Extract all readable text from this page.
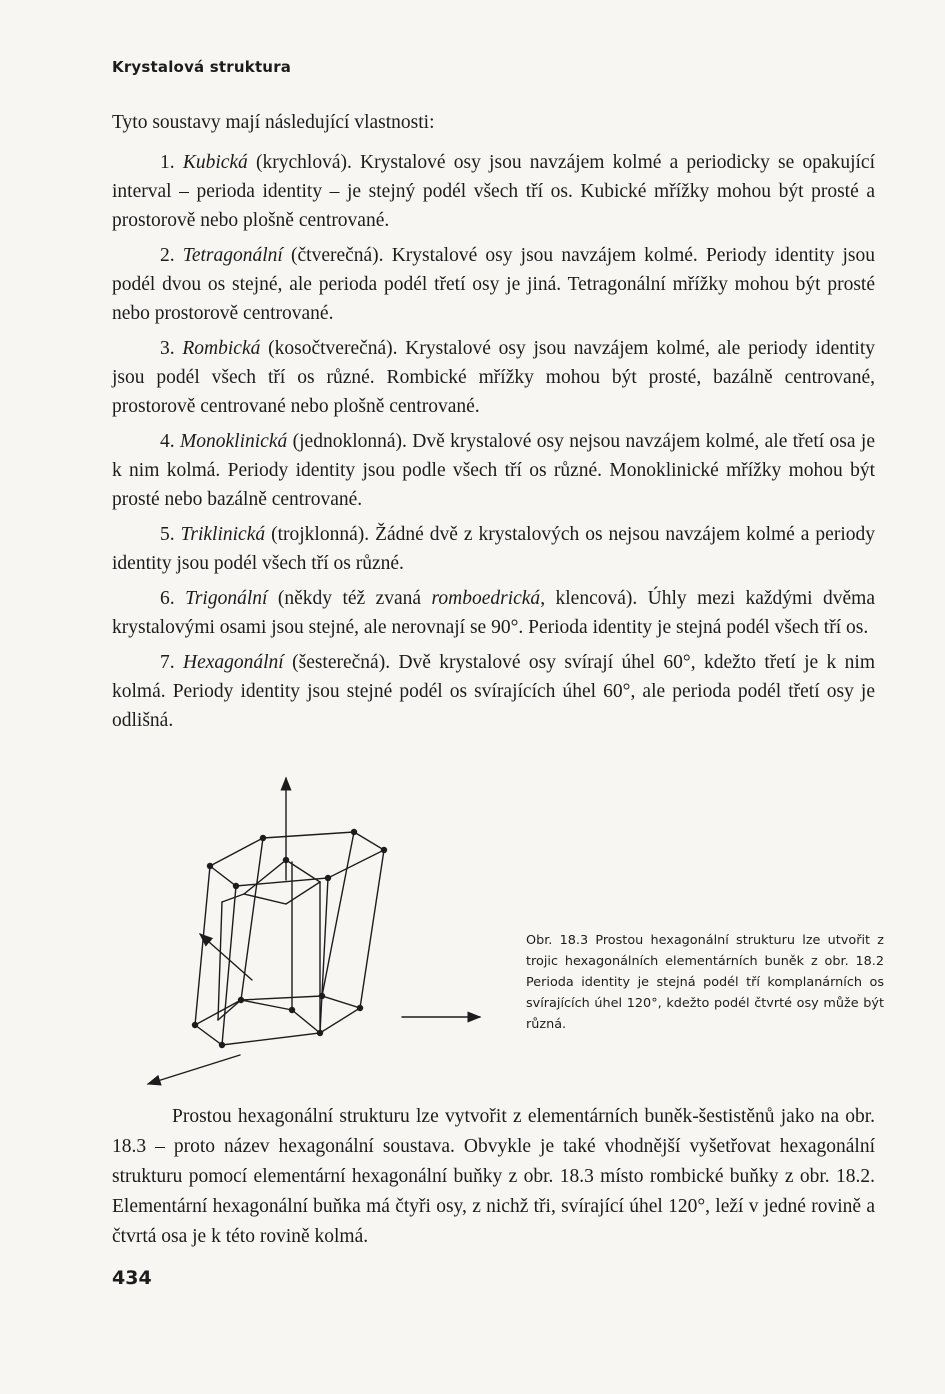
Krystalová struktura
Tyto soustavy mají následující vlastnosti:

1. Kubická (krychlová). Krystalové osy jsou navzájem kolmé a periodicky se opakující interval – perioda identity – je stejný podél všech tří os. Kubické mřížky mohou být prosté a prostorově nebo plošně centrované.

2. Tetragonální (čtverečná). Krystalové osy jsou navzájem kolmé. Periody identity jsou podél dvou os stejné, ale perioda podél třetí osy je jiná. Tetragonální mřížky mohou být prosté nebo prostorově centrované.

3. Rombická (kosočtverečná). Krystalové osy jsou navzájem kolmé, ale periody identity jsou podél všech tří os různé. Rombické mřížky mohou být prosté, bazálně centrované, prostorově centrované nebo plošně centrované.

4. Monoklinická (jednoklonná). Dvě krystalové osy nejsou navzájem kolmé, ale třetí osa je k nim kolmá. Periody identity jsou podle všech tří os různé. Monoklinické mřížky mohou být prosté nebo bazálně centrované.

5. Triklinická (trojklonná). Žádné dvě z krystalových os nejsou navzájem kolmé a periody identity jsou podél všech tří os různé.

6. Trigonální (někdy též zvaná romboedrická, klencová). Úhly mezi každými dvěma krystalovými osami jsou stejné, ale nerovnají se 90°. Perioda identity je stejná podél všech tří os.

7. Hexagonální (šesterečná). Dvě krystalové osy svírají úhel 60°, kdežto třetí je k nim kolmá. Periody identity jsou stejné podél os svírajících úhel 60°, ale perioda podél třetí osy je odlišná.

Obr. 18.3 Prostou hexagonální strukturu lze utvořit z trojic hexagonálních elementárních buněk z obr. 18.2 Perioda identity je stejná podél tří komplanárních os svírajících úhel 120°, kdežto podél čtvrté osy může být různá.

Prostou hexagonální strukturu lze vytvořit z elementárních buněk-šestistěnů jako na obr. 18.3 – proto název hexagonální soustava. Obvykle je také vhodnější vyšetřovat hexagonální strukturu pomocí elementární hexagonální buňky z obr. 18.3 místo rombické buňky z obr. 18.2. Elementární hexagonální buňka má čtyři osy, z nichž tři, svírající úhel 120°, leží v jedné rovině a čtvrtá osa je k této rovině kolmá.

434
